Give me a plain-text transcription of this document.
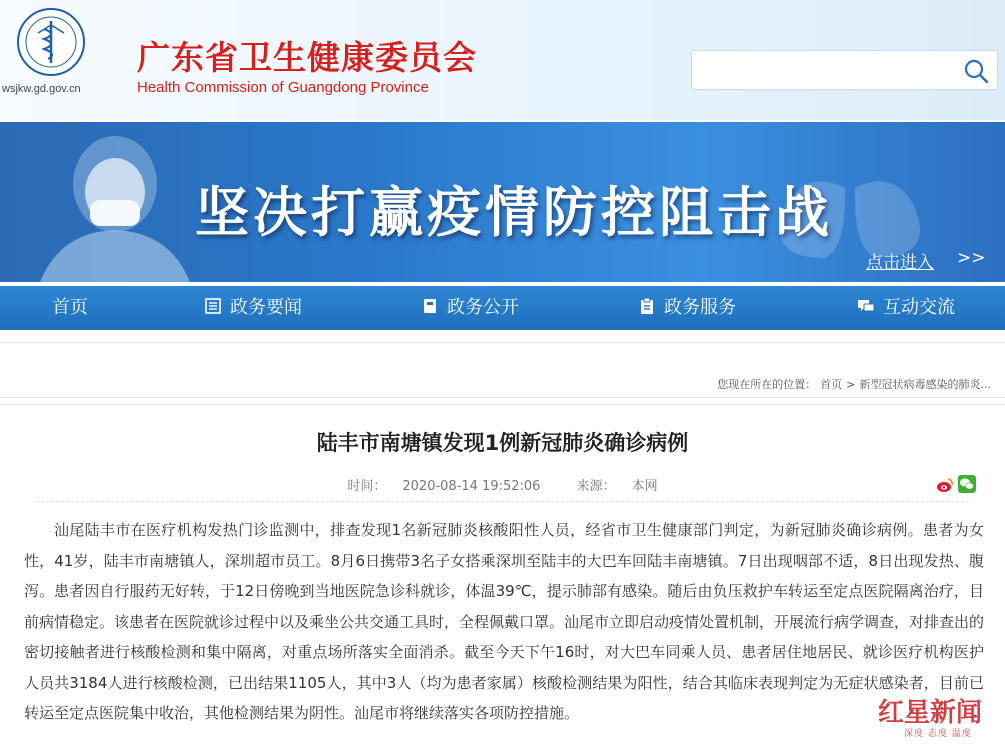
wsjkw.gd.gov.cn
广东省卫生健康委员会
Health Commission of Guangdong Province
坚决打赢疫情防控阻击战
点击进入 >>
首页	政务要闻	政务公开	政务服务	互动交流
您现在所在的位置： 首页 > 新型冠状病毒感染的肺炎...
陆丰市南塘镇发现1例新冠肺炎确诊病例
时间： 2020-08-14 19:52:06	来源： 本网

汕尾陆丰市在医疗机构发热门诊监测中，排查发现1名新冠肺炎核酸阳性人员，经省市卫生健康部门判定，为新冠肺炎确诊病例。患者为女性，41岁，陆丰市南塘镇人，深圳超市员工。8月6日携带3名子女搭乘深圳至陆丰的大巴车回陆丰南塘镇。7日出现咽部不适，8日出现发热、腹泻。患者因自行服药无好转，于12日傍晚到当地医院急诊科就诊，体温39℃，提示肺部有感染。随后由负压救护车转运至定点医院隔离治疗，目前病情稳定。该患者在医院就诊过程中以及乘坐公共交通工具时，全程佩戴口罩。汕尾市立即启动疫情处置机制，开展流行病学调查，对排查出的密切接触者进行核酸检测和集中隔离，对重点场所落实全面消杀。截至今天下午16时，对大巴车同乘人员、患者居住地居民、就诊医疗机构医护人员共3184人进行核酸检测，已出结果1105人，其中3人（均为患者家属）核酸检测结果为阳性，结合其临床表现判定为无症状感染者，目前已转运至定点医院集中收治，其他检测结果为阴性。汕尾市将继续落实各项防控措施。	红星新闻
深度 态度 温度
